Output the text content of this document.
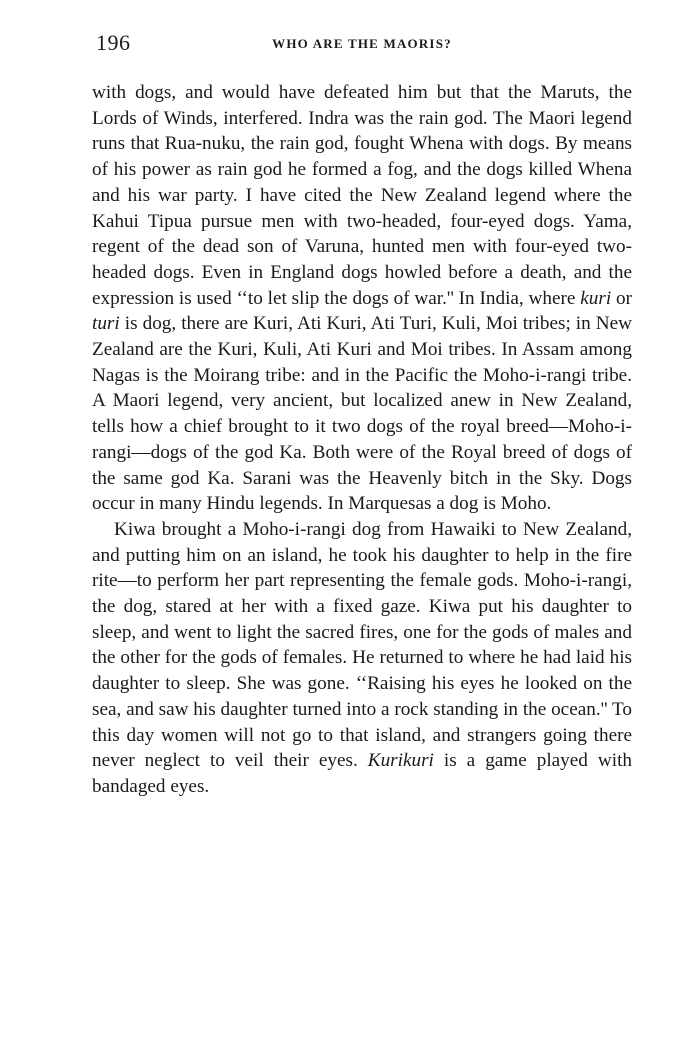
196	WHO ARE THE MAORIS?

with dogs, and would have defeated him but that the Maruts, the Lords of Winds, interfered. Indra was the rain god. The Maori legend runs that Rua-nuku, the rain god, fought Whena with dogs. By means of his power as rain god he formed a fog, and the dogs killed Whena and his war party. I have cited the New Zealand legend where the Kahui Tipua pursue men with two-headed, four-eyed dogs. Yama, regent of the dead son of Varuna, hunted men with four-eyed two-headed dogs. Even in England dogs howled before a death, and the expression is used ‘‘to let slip the dogs of war.'' In India, where kuri or turi is dog, there are Kuri, Ati Kuri, Ati Turi, Kuli, Moi tribes; in New Zealand are the Kuri, Kuli, Ati Kuri and Moi tribes. In Assam among Nagas is the Moirang tribe: and in the Pacific the Moho-i-rangi tribe. A Maori legend, very ancient, but localized anew in New Zealand, tells how a chief brought to it two dogs of the royal breed—Moho-i-rangi—dogs of the god Ka. Both were of the Royal breed of dogs of the same god Ka. Sarani was the Heavenly bitch in the Sky. Dogs occur in many Hindu legends. In Marquesas a dog is Moho.

Kiwa brought a Moho-i-rangi dog from Hawaiki to New Zealand, and putting him on an island, he took his daughter to help in the fire rite—to perform her part representing the female gods. Moho-i-rangi, the dog, stared at her with a fixed gaze. Kiwa put his daughter to sleep, and went to light the sacred fires, one for the gods of males and the other for the gods of females. He returned to where he had laid his daughter to sleep. She was gone. ‘‘Raising his eyes he looked on the sea, and saw his daughter turned into a rock standing in the ocean.'' To this day women will not go to that island, and strangers going there never neglect to veil their eyes. Kurikuri is a game played with bandaged eyes.
